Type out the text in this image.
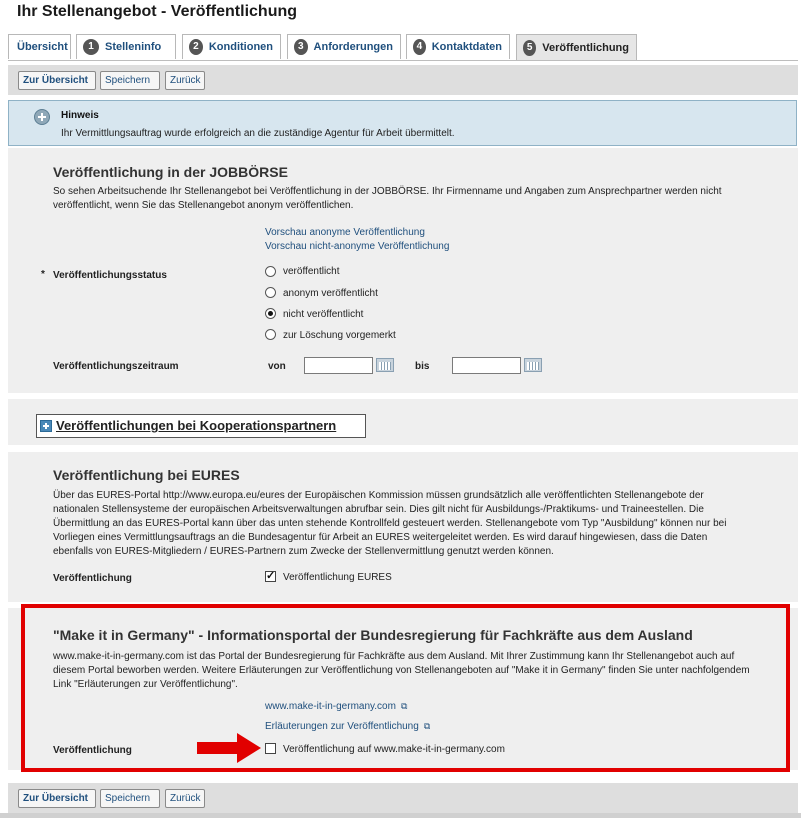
Ihr Stellenangebot - Veröffentlichung
Übersicht	1	Stelleninfo	2 Konditionen	3 Anforderungen	4 Kontaktdaten	5 Veröffentlichung
Zur Übersicht	Speichern	Zurück
Hinweis
Ihr Vermittlungsauftrag wurde erfolgreich an die zuständige Agentur für Arbeit übermittelt.
Veröffentlichung in der JOBBÖRSE
So sehen Arbeitsuchende Ihr Stellenangebot bei Veröffentlichung in der JOBBÖRSE. Ihr Firmenname und Angaben zum Ansprechpartner werden nicht veröffentlicht, wenn Sie das Stellenangebot anonym veröffentlichen.
Vorschau anonyme Veröffentlichung
Vorschau nicht-anonyme Veröffentlichung
* Veröffentlichungsstatus	veröffentlicht
anonym veröffentlicht
nicht veröffentlicht
zur Löschung vorgemerkt
Veröffentlichungszeitraum	von	bis
Veröffentlichungen bei Kooperationspartnern
Veröffentlichung bei EURES
Über das EURES-Portal http://www.europa.eu/eures der Europäischen Kommission müssen grundsätzlich alle veröffentlichten Stellenangebote der nationalen Stellensysteme der europäischen Arbeitsverwaltungen abrufbar sein. Dies gilt nicht für Ausbildungs-/Praktikums- und Traineestellen. Die Übermittlung an das EURES-Portal kann über das unten stehende Kontrollfeld gesteuert werden. Stellenangebote vom Typ "Ausbildung" können nur bei Vorliegen eines Vermittlungsauftrags an die Bundesagentur für Arbeit an EURES weitergeleitet werden. Es wird darauf hingewiesen, dass die Daten ebenfalls von EURES-Mitgliedern / EURES-Partnern zum Zwecke der Stellenvermittlung genutzt werden können.
Veröffentlichung
✓	Veröffentlichung EURES
"Make it in Germany" - Informationsportal der Bundesregierung für Fachkräfte aus dem Ausland
www.make-it-in-germany.com ist das Portal der Bundesregierung für Fachkräfte aus dem Ausland. Mit Ihrer Zustimmung kann Ihr Stellenangebot auch auf diesem Portal beworben werden. Weitere Erläuterungen zur Veröffentlichung von Stellenangeboten auf "Make it in Germany" finden Sie unter nachfolgendem Link "Erläuterungen zur Veröffentlichung".
www.make-it-in-germany.com ⧉
Erläuterungen zur Veröffentlichung ⧉
Veröffentlichung	Veröffentlichung auf www.make-it-in-germany.com
Zur Übersicht	Speichern	Zurück
